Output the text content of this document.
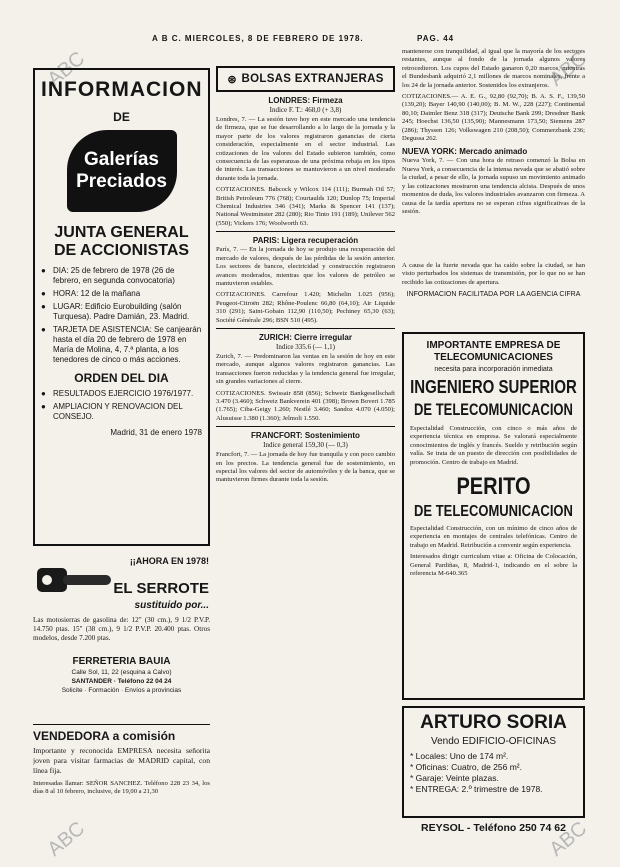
A B C. MIERCOLES, 8 DE FEBRERO DE 1978.	PAG. 44
ABC	ABC
ABC	ABC
INFORMACION
DE
Galerías
Preciados
JUNTA GENERAL
DE ACCIONISTAS
● DIA: 25 de febrero de 1978 (26 de febrero, en segunda convocatoria)
● HORA: 12 de la mañana
● LUGAR: Edificio Eurobuilding (salón Turquesa). Padre Damián, 23. Madrid.
● TARJETA DE ASISTENCIA: Se canjearán hasta el día 20 de febrero de 1978 en María de Molina, 4, 7.ª planta, a los tenedores de cinco o más acciones.
ORDEN DEL DIA
● RESULTADOS EJERCICIO 1976/1977.
● AMPLIACION Y RENOVACION DEL CONSEJO.
Madrid, 31 de enero 1978
¡¡AHORA EN 1978!
EL SERROTE
sustituido por...
Las motosierras de gasolina de: 12" (30 cm.), 9 1/2 P.V.P. 14.750 ptas. 15" (38 cm.), 9 1/2 P.V.P. 20.400 ptas. Otros modelos, desde 7.200 ptas.
FERRETERIA BAUIA
Calle Sol, 11, 22 (esquina a Calvo)
SANTANDER · Teléfono 22 04 24
Solicite · Formación · Envíos a provincias
VENDEDORA a comisión
Importante y reconocida EMPRESA necesita señorita joven para visitar farmacias de MADRID capital, con línea fija.
Interesadas llamar: SEÑOR SANCHEZ. Teléfono 228 23 34, los días 8 al 10 febrero, inclusive, de 19,00 a 21,30
⊛ BOLSAS EXTRANJERAS
LONDRES: Firmeza
Indice F. T.: 468,0 (+ 3,8)
Londres, 7. — La sesión tuvo hoy en este mercado una tendencia de firmeza, que se fue desarrollando a lo largo de la jornada y la mayor parte de los valores registraron ganancias de cierta consideración, especialmente en el sector industrial. Las cotizaciones de los valores del Estado subieron también, como consecuencia de las esperanzas de una próxima rebaja en los tipos de interés. Las transacciones se mantuvieron a un nivel moderado durante toda la jornada.
COTIZACIONES. Babcock y Wilcox 114 (111); Burmah Oil 57; British Petroleum 776 (768); Courtaulds 120; Dunlop 75; Imperial Chemical Industries 346 (341); Marks & Spencer 141 (137); National Westminster 282 (280); Rio Tinto 191 (189); Unilever 562 (550); Vickers 176; Woolworth 63.
PARIS: Ligera recuperación
París, 7. — En la jornada de hoy se produjo una recuperación del mercado de valores, después de las pérdidas de la sesión anterior. Los sectores de bancos, electricidad y construcción registraron avances moderados, mientras que los valores de petróleo se mantuvieron estables.
COTIZACIONES. Carrefour 1.420; Michelin 1.025 (956); Peugeot-Citroën 282; Rhône-Poulenc 66,80 (64,10); Air Liquide 310 (291); Saint-Gobain 112,90 (110,50); Pechiney 65,30 (63); Société Générale 296; BSN 510 (495).
ZURICH: Cierre irregular
Indice 335.6 (— 1,1)
Zurich, 7. — Predominaron las ventas en la sesión de hoy en este mercado, aunque algunos valores registraron ganancias. Las transacciones fueron reducidas y la tendencia general fue irregular, sin grandes variaciones al cierre.
COTIZACIONES. Swissair 858 (856); Schweiz Bankgesellschaft 3.470 (3.460); Schweiz Bankverein 401 (398); Brown Boveri 1.785 (1.765); Ciba-Geigy 1.260; Nestlé 3.460; Sandoz 4.070 (4.050); Alusuisse 1.380 (1.360); Jelmoli 1.550.
FRANCFORT: Sostenimiento
Indice general 159,30 (— 0,3)
Francfort, 7. — La jornada de hoy fue tranquila y con poco cambio en los precios. La tendencia general fue de sostenimiento, en especial los valores del sector de automóviles y de la banca, que se mantuvieron firmes durante toda la sesión.
mantenerse con tranquilidad, al igual que la mayoría de los sectores restantes, aunque al fondo de la jornada algunos valores retrocedieron. Los cupos del Estado ganaron 0,20 marcos, mientras el Bundesbank adquirió 2,1 millones de marcos nominales, frente a los 24 de la jornada anterior. Sostenidos los extranjeros.
COTIZACIONES.— A. E. G., 92,80 (92,70); B. A. S. F., 139,50 (139,20); Bayer 140,90 (140,00); B. M. W., 228 (227); Continental 80,10; Daimler Benz 318 (317); Deutsche Bank 299; Dresdner Bank 245; Hoechst 136,50 (135,90); Mannesmann 173,50; Siemens 287 (286); Thyssen 126; Volkswagen 210 (208,50); Commerzbank 236; Degussa 262.
NUEVA YORK: Mercado animado
Nueva York, 7. — Con una hora de retraso comenzó la Bolsa en Nueva York, a consecuencia de la intensa nevada que se abatió sobre la ciudad, a pesar de ello, la jornada supuso un movimiento animado y las cotizaciones mostraron una tendencia alcista. Después de unos momentos de duda, los valores industriales avanzaron con firmeza. A causa de la tardía apertura no se esperan cifras significativas de la sesión.
A causa de la fuerte nevada que ha caído sobre la ciudad, se han visto perturbados los sistemas de transmisión, por lo que no se han recibido las cotizaciones de apertura.
INFORMACION FACILITADA POR LA AGENCIA CIFRA
IMPORTANTE EMPRESA DE TELECOMUNICACIONES
necesita para incorporación inmediata
INGENIERO SUPERIOR
DE TELECOMUNICACION
Especialidad Construcción, con cinco o más años de experiencia técnica en empresa. Se valorará especialmente conocimientos de inglés y francés. Sueldo y retribución según valía. Se trata de un puesto de dirección con posibilidades de promoción. Centro de trabajo en Madrid.
PERITO
DE TELECOMUNICACION
Especialidad Construcción, con un mínimo de cinco años de experiencia en montajes de centrales telefónicas. Centro de trabajo en Madrid. Retribución a convenir según experiencia.
Interesados dirigir curriculum vitae a: Oficina de Colocación, General Pardiñas, 8, Madrid-1, indicando en el sobre la referencia M-640.365
ARTURO SORIA
Vendo EDIFICIO-OFICINAS
* Locales: Uno de 174 m².
* Oficinas: Cuatro, de 256 m².
* Garaje: Veinte plazas.
* ENTREGA: 2.º trimestre de 1978.
REYSOL - Teléfono 250 74 62
